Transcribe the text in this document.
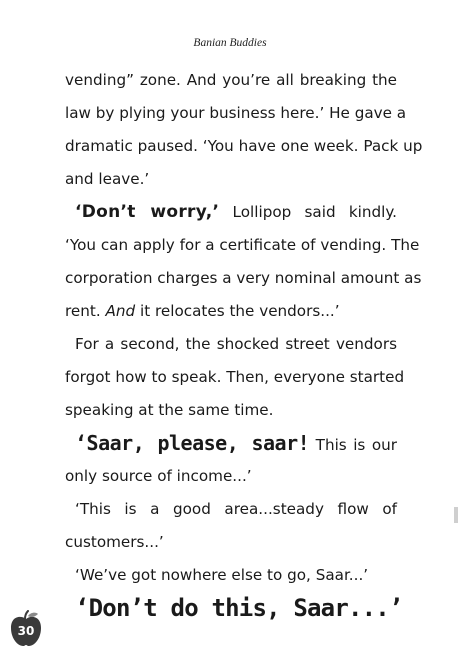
Banian Buddies
vending” zone. And you’re all breaking the
law by plying your business here.’ He gave a
dramatic paused. ‘You have one week. Pack up
and leave.’
‘Don’t worry,’ Lollipop said kindly.
‘You can apply for a certificate of vending. The
corporation charges a very nominal amount as
rent. And it relocates the vendors...’
For a second, the shocked street vendors
forgot how to speak. Then, everyone started
speaking at the same time.
‘Saar, please, saar! This is our
only source of income...’
‘This is a good area...steady flow of
customers...’
‘We’ve got nowhere else to go, Saar...’
‘Don’t do this, Saar...’
30
